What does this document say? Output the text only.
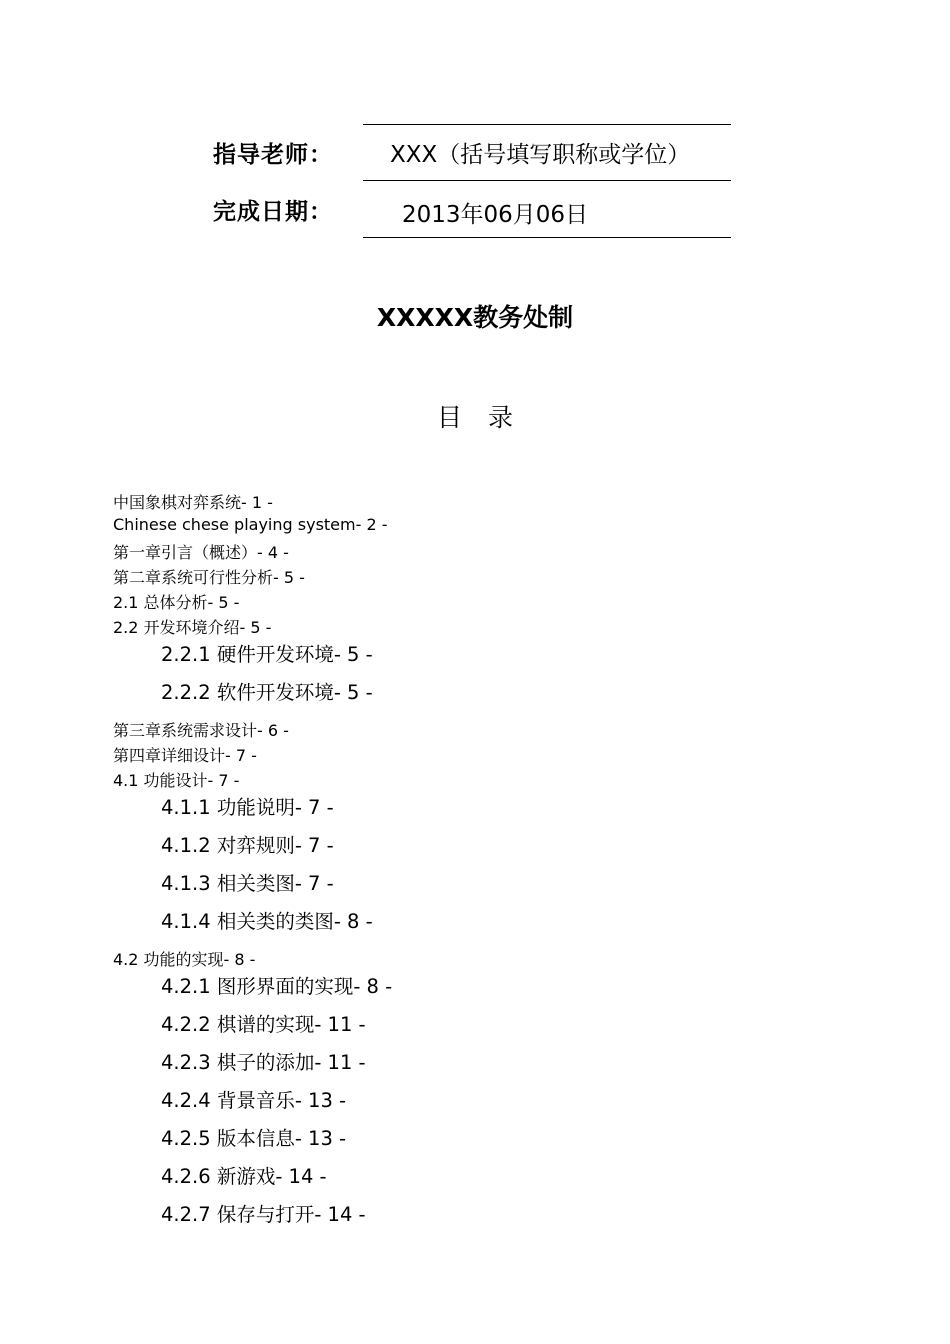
指导老师： XXX（括号填写职称或学位）
完成日期：	2013年06月06日
XXXXX教务处制
目录
中国象棋对弈系统- 1 -
Chinese chese playing system- 2 -
第一章引言（概述）- 4 -
第二章系统可行性分析- 5 -
2.1 总体分析- 5 -
2.2 开发环境介绍- 5 -
2.2.1 硬件开发环境- 5 -
2.2.2 软件开发环境- 5 -
第三章系统需求设计- 6 -
第四章详细设计- 7 -
4.1 功能设计- 7 -
4.1.1 功能说明- 7 -
4.1.2 对弈规则- 7 -
4.1.3 相关类图- 7 -
4.1.4 相关类的类图- 8 -
4.2 功能的实现- 8 -
4.2.1 图形界面的实现- 8 -
4.2.2 棋谱的实现- 11 -
4.2.3 棋子的添加- 11 -
4.2.4 背景音乐- 13 -
4.2.5 版本信息- 13 -
4.2.6 新游戏- 14 -
4.2.7 保存与打开- 14 -
